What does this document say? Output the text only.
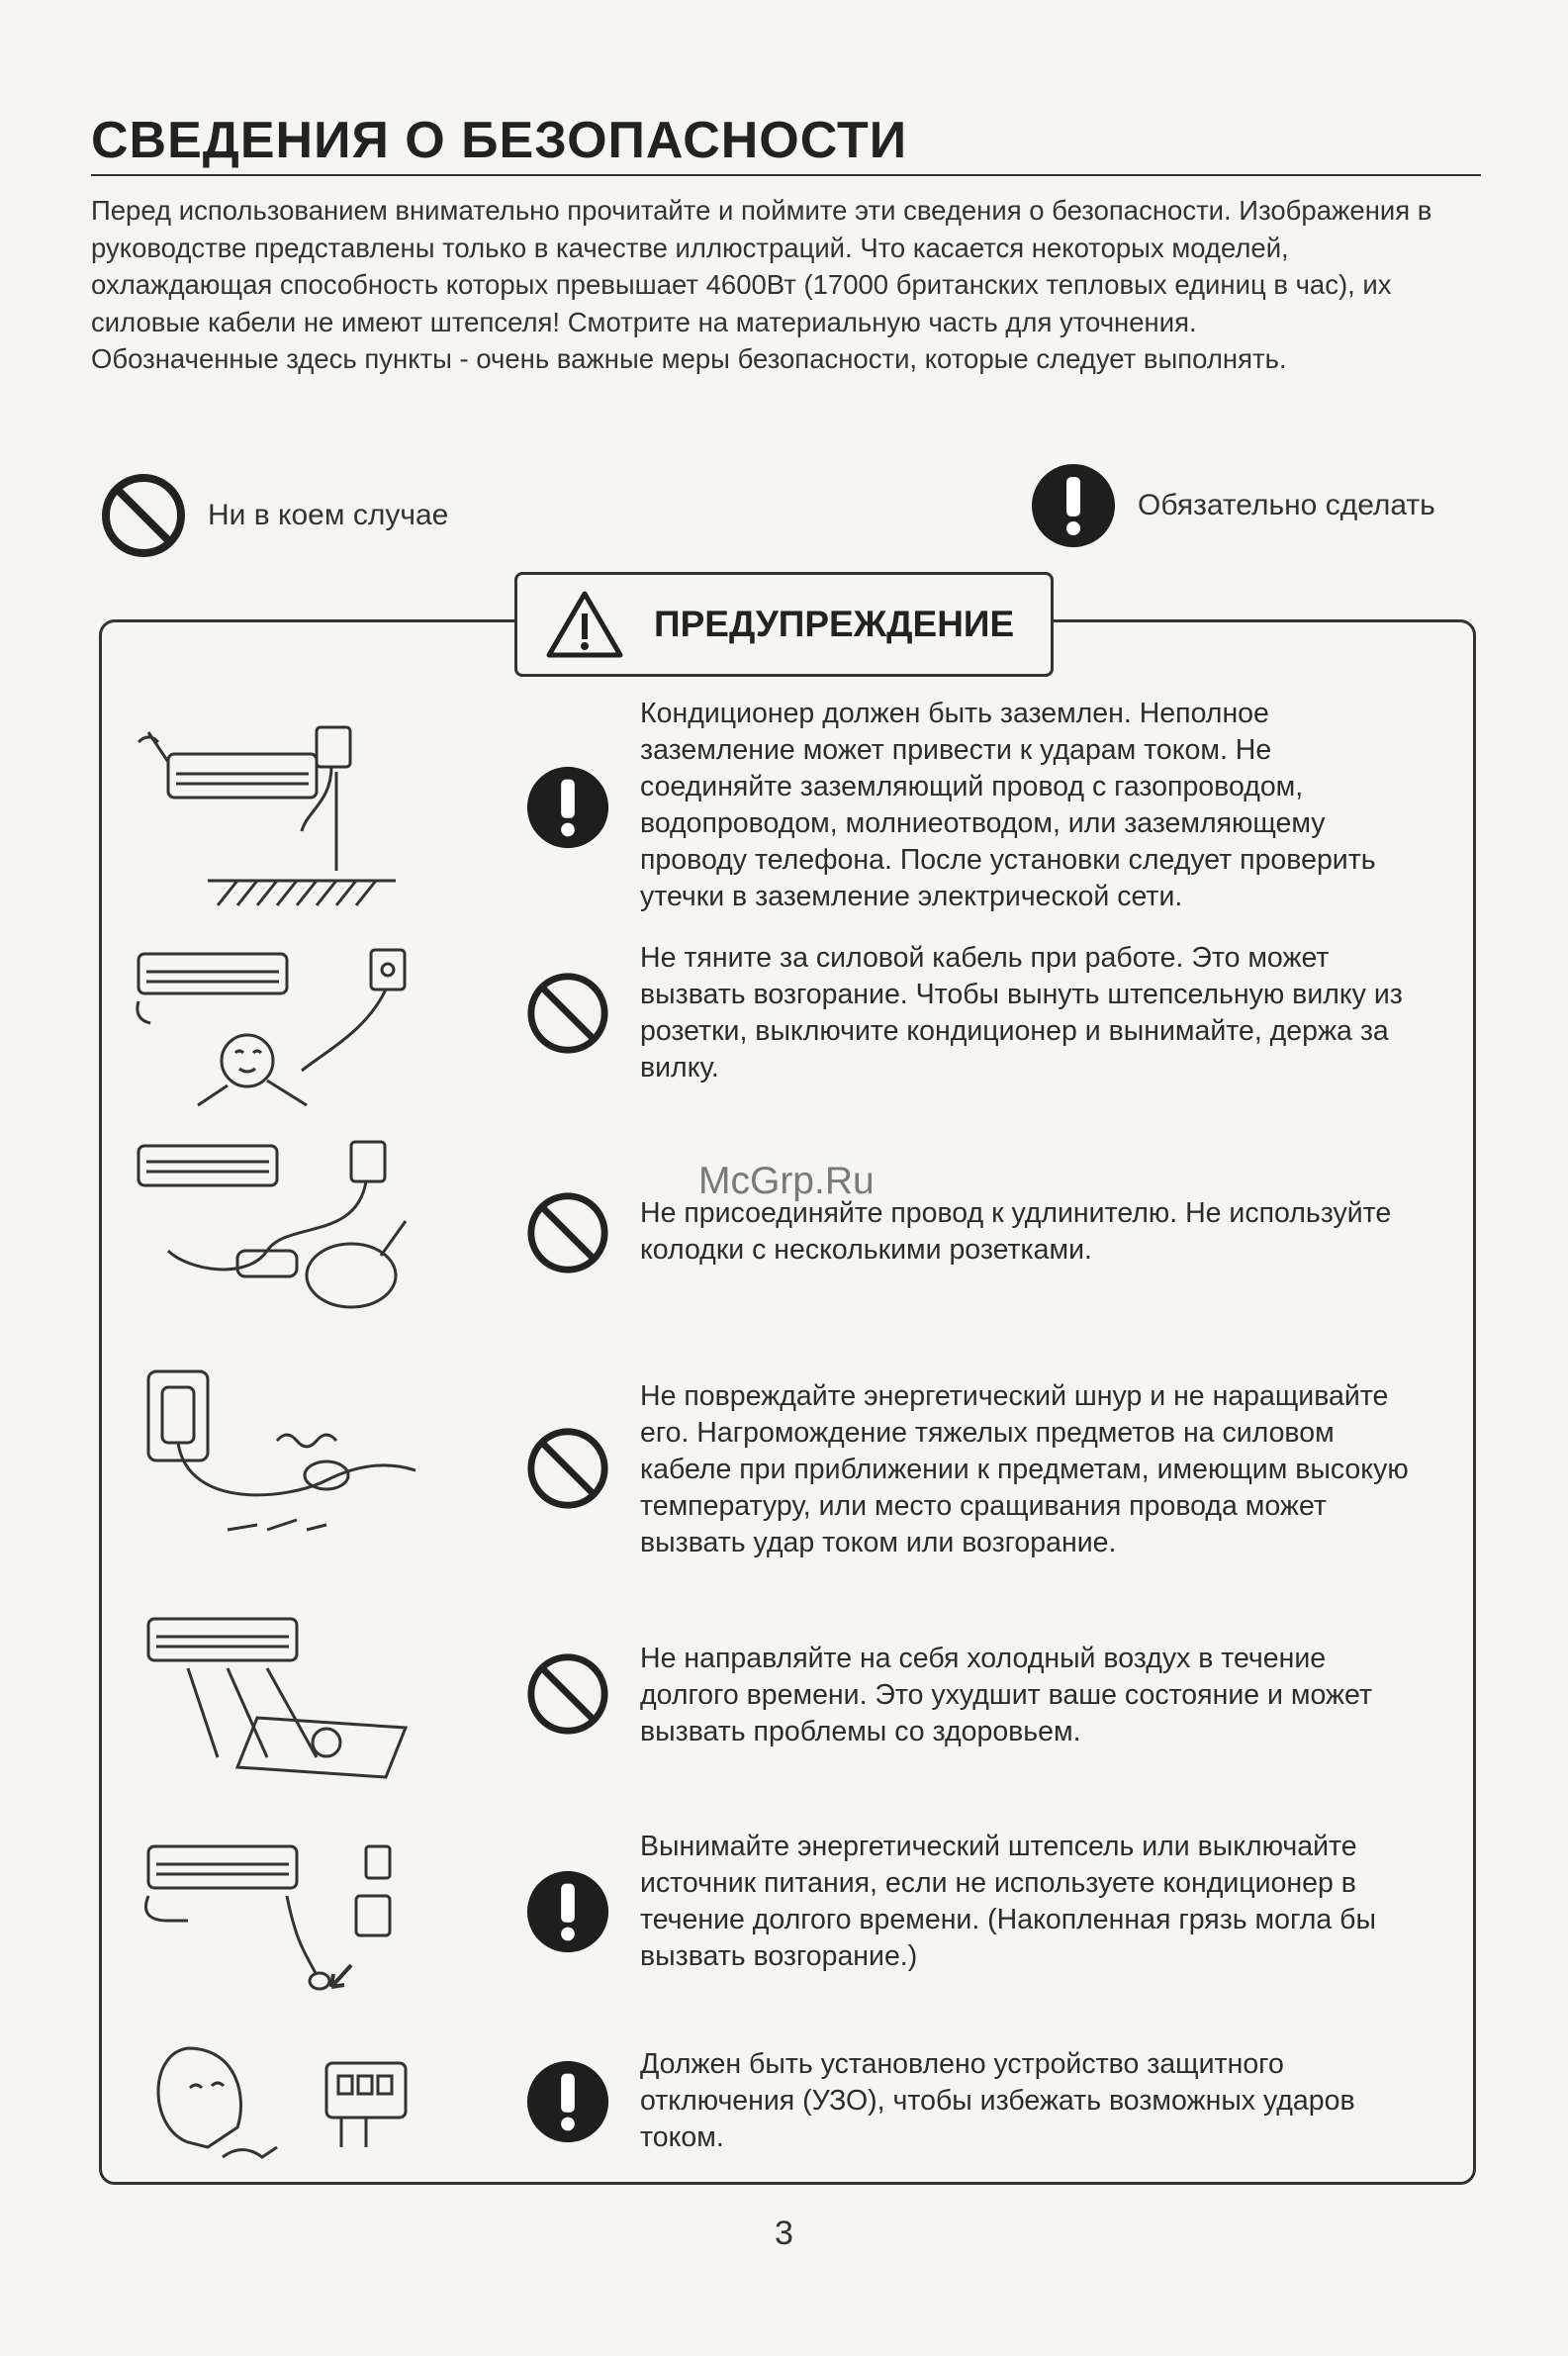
СВЕДЕНИЯ О БЕЗОПАСНОСТИ

Перед использованием внимательно прочитайте и поймите эти сведения о безопасности. Изображения в руководстве представлены только в качестве иллюстраций. Что касается некоторых моделей, охлаждающая способность которых превышает 4600Вт (17000 британских тепловых единиц в час), их силовые кабели не имеют штепселя! Смотрите на материальную часть для уточнения.

Обозначенные здесь пункты - очень важные меры безопасности, которые следует выполнять.

Ни в коем случае	Обязательно сделать
ПРЕДУПРЕЖДЕНИЕ
Кондиционер должен быть заземлен. Неполное заземление может привести к ударам током. Не соединяйте заземляющий провод с газопроводом, водопроводом, молниеотводом, или заземляющему проводу телефона. После установки следует проверить утечки в заземление электрической сети.
Не тяните за силовой кабель при работе. Это может вызвать возгорание. Чтобы вынуть штепсельную вилку из розетки, выключите кондиционер и вынимайте, держа за вилку.
Не присоединяйте провод к удлинителю. Не используйте колодки с несколькими розетками.
Не повреждайте энергетический шнур и не наращивайте его. Нагромождение тяжелых предметов на силовом кабеле при приближении к предметам, имеющим высокую температуру, или место сращивания провода может вызвать удар током или возгорание.
Не направляйте на себя холодный воздух в течение долгого времени. Это ухудшит ваше состояние и может вызвать проблемы со здоровьем.
Вынимайте энергетический штепсель или выключайте источник питания, если не используете кондиционер в течение долгого времени. (Накопленная грязь могла бы вызвать возгорание.)
Должен быть установлено устройство защитного отключения (УЗО), чтобы избежать возможных ударов током.
McGrp.Ru
3
